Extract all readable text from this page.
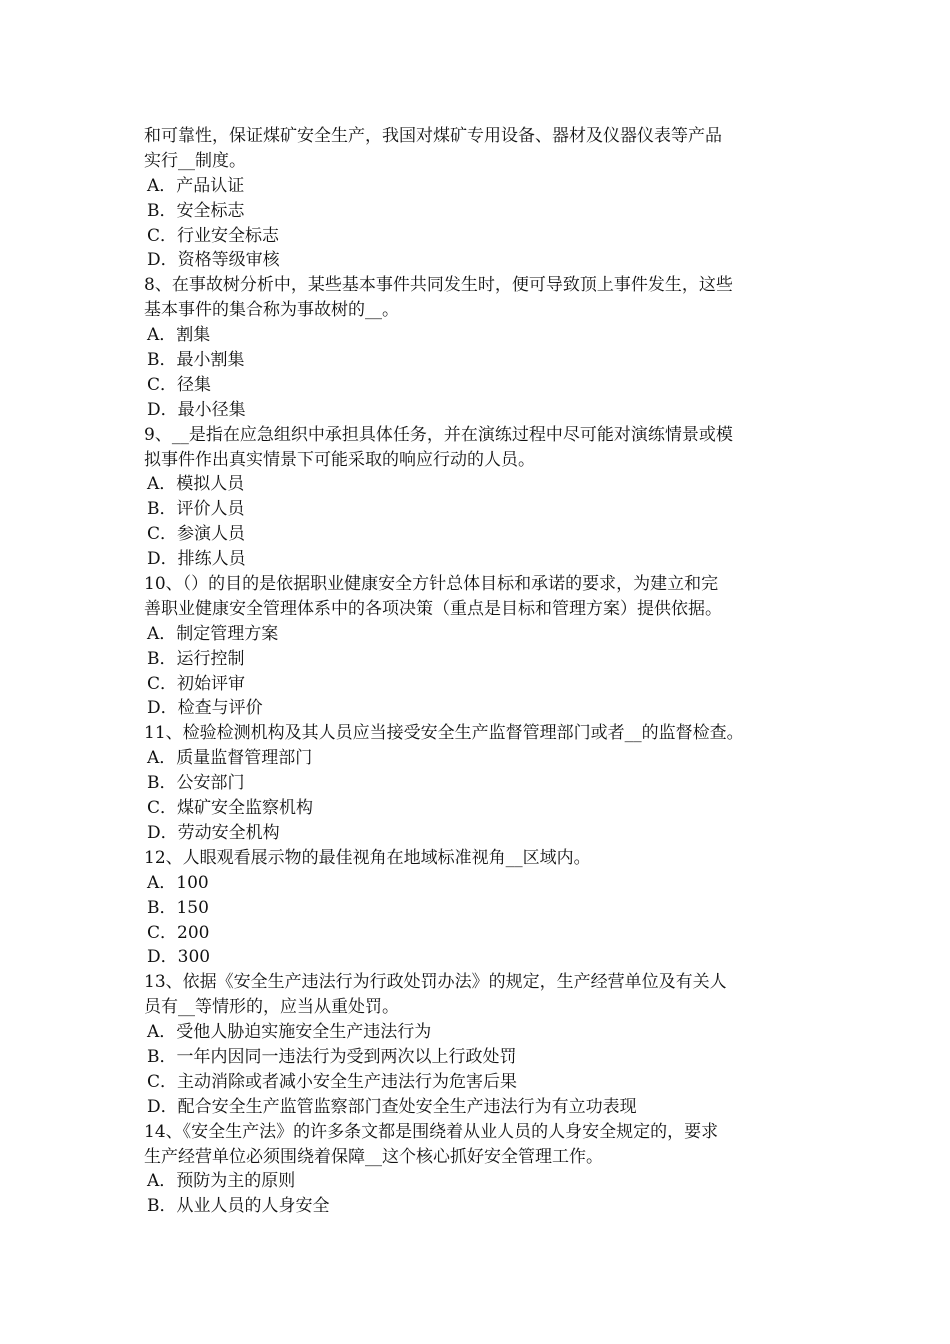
和可靠性，保证煤矿安全生产，我国对煤矿专用设备、器材及仪器仪表等产品
实行__制度。
A．产品认证
B．安全标志
C．行业安全标志
D．资格等级审核
8、在事故树分析中，某些基本事件共同发生时，便可导致顶上事件发生，这些
基本事件的集合称为事故树的__。
A．割集
B．最小割集
C．径集
D．最小径集
9、__是指在应急组织中承担具体任务，并在演练过程中尽可能对演练情景或模
拟事件作出真实情景下可能采取的响应行动的人员。
A．模拟人员
B．评价人员
C．参演人员
D．排练人员
10、（）的目的是依据职业健康安全方针总体目标和承诺的要求，为建立和完
善职业健康安全管理体系中的各项决策（重点是目标和管理方案）提供依据。
A．制定管理方案
B．运行控制
C．初始评审
D．检查与评价
11、检验检测机构及其人员应当接受安全生产监督管理部门或者__的监督检查。
A．质量监督管理部门
B．公安部门
C．煤矿安全监察机构
D．劳动安全机构
12、人眼观看展示物的最佳视角在地域标准视角__区域内。
A．100
B．150
C．200
D．300
13、依据《安全生产违法行为行政处罚办法》的规定，生产经营单位及有关人
员有__等情形的，应当从重处罚。
A．受他人胁迫实施安全生产违法行为
B．一年内因同一违法行为受到两次以上行政处罚
C．主动消除或者减小安全生产违法行为危害后果
D．配合安全生产监管监察部门查处安全生产违法行为有立功表现
14、《安全生产法》的许多条文都是围绕着从业人员的人身安全规定的，要求
生产经营单位必须围绕着保障__这个核心抓好安全管理工作。
A．预防为主的原则
B．从业人员的人身安全
